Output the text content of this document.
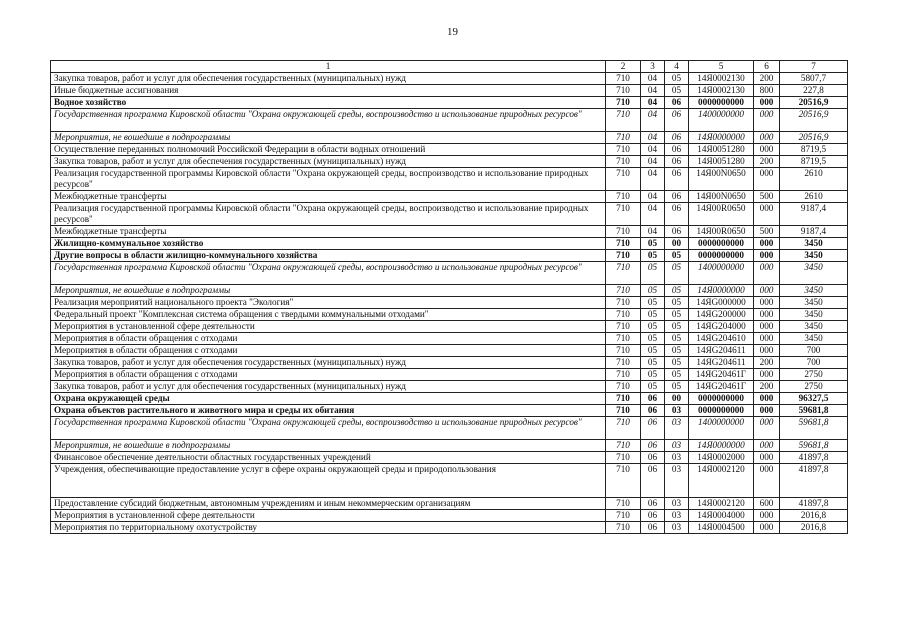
19
1	2	3	4	5	6	7
Закупка товаров, работ и услуг для обеспечения государственных (муниципальных) нужд	710	04	05	14Я0002130	200	5807,7
Иные бюджетные ассигнования	710	04	05	14Я0002130	800	227,8
Водное хозяйство	710	04	06	0000000000	000	20516,9
Государственная программа Кировской области "Охрана окружающей среды, воспроизводство и использование природных ресурсов"	710	04	06	1400000000	000	20516,9
Мероприятия, не вошедшие в подпрограммы	710	04	06	14Я0000000	000	20516,9
Осуществление переданных полномочий Российской Федерации в области водных отношений	710	04	06	14Я0051280	000	8719,5
Закупка товаров, работ и услуг для обеспечения государственных (муниципальных) нужд	710	04	06	14Я0051280	200	8719,5
Реализация государственной программы Кировской области "Охрана окружающей среды, воспроизводство и использование природных ресурсов"	710	04	06	14Я00N0650	000	2610
Межбюджетные трансферты	710	04	06	14Я00N0650	500	2610
Реализация государственной программы Кировской области "Охрана окружающей среды, воспроизводство и использование природных ресурсов"	710	04	06	14Я00R0650	000	9187,4
Межбюджетные трансферты	710	04	06	14Я00R0650	500	9187,4
Жилищно-коммунальное хозяйство	710	05	00	0000000000	000	3450
Другие вопросы в области жилищно-коммунального хозяйства	710	05	05	0000000000	000	3450
Государственная программа Кировской области "Охрана окружающей среды, воспроизводство и использование природных ресурсов"	710	05	05	1400000000	000	3450
Мероприятия, не вошедшие в подпрограммы	710	05	05	14Я0000000	000	3450
Реализация мероприятий национального проекта "Экология"	710	05	05	14ЯG000000	000	3450
Федеральный проект "Комплексная система обращения с твердыми коммунальными отходами"	710	05	05	14ЯG200000	000	3450
Мероприятия в установленной сфере деятельности	710	05	05	14ЯG204000	000	3450
Мероприятия в области обращения с отходами	710	05	05	14ЯG204610	000	3450
Мероприятия в области обращения с отходами	710	05	05	14ЯG204611	000	700
Закупка товаров, работ и услуг для обеспечения государственных (муниципальных) нужд	710	05	05	14ЯG204611	200	700
Мероприятия в области обращения с отходами	710	05	05	14ЯG20461Г	000	2750
Закупка товаров, работ и услуг для обеспечения государственных (муниципальных) нужд	710	05	05	14ЯG20461Г	200	2750
Охрана окружающей среды	710	06	00	0000000000	000	96327,5
Охрана объектов растительного и животного мира и среды их обитания	710	06	03	0000000000	000	59681,8
Государственная программа Кировской области "Охрана окружающей среды, воспроизводство и использование природных ресурсов"	710	06	03	1400000000	000	59681,8
Мероприятия, не вошедшие в подпрограммы	710	06	03	14Я0000000	000	59681,8
Финансовое обеспечение деятельности областных государственных учреждений	710	06	03	14Я0002000	000	41897,8
Учреждения, обеспечивающие предоставление услуг в сфере охраны окружающей среды и природопользования	710	06	03	14Я0002120	000	41897,8
Предоставление субсидий бюджетным, автономным учреждениям и иным некоммерческим организациям	710	06	03	14Я0002120	600	41897,8
Мероприятия в установленной сфере деятельности	710	06	03	14Я0004000	000	2016,8
Мероприятия по территориальному охотустройству	710	06	03	14Я0004500	000	2016,8
